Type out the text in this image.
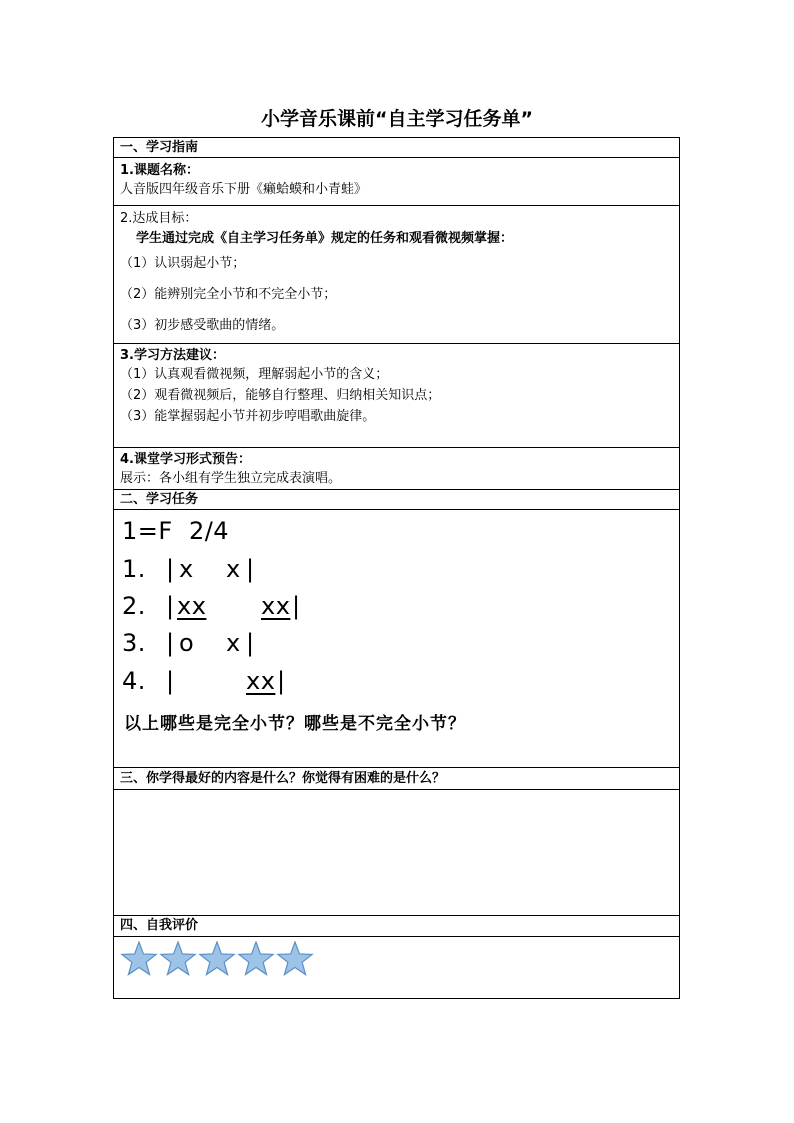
小学音乐课前“自主学习任务单”
一、学习指南
1.课题名称：
人音版四年级音乐下册《癞蛤蟆和小青蛙》
2.达成目标：
学生通过完成《自主学习任务单》规定的任务和观看微视频掌握：
（1）认识弱起小节；
（2）能辨别完全小节和不完全小节；
（3）初步感受歌曲的情绪。
3.学习方法建议：
（1）认真观看微视频，理解弱起小节的含义；
（2）观看微视频后，能够自行整理、归纳相关知识点；
（3）能掌握弱起小节并初步哼唱歌曲旋律。
4.课堂学习形式预告：
展示：各小组有学生独立完成表演唱。
二、学习任务
1=F  2/4
1. | x x |
2. | xx xx |
3. | o x |
4. |	xx |
以上哪些是完全小节？哪些是不完全小节？
三、你学得最好的内容是什么？你觉得有困难的是什么？
四、自我评价
